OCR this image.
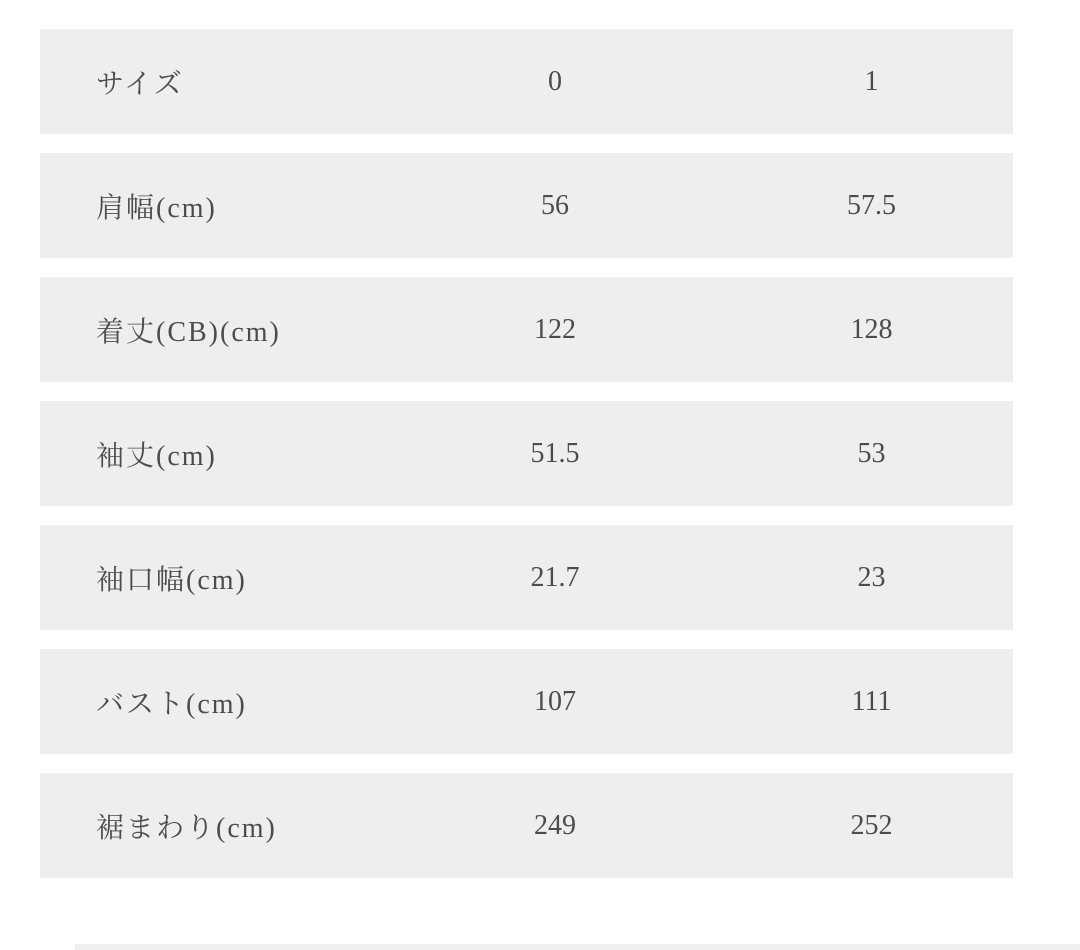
サイズ	0	1
肩幅(cm)	56	57.5
着丈(CB)(cm)	122	128
袖丈(cm)	51.5	53
袖口幅(cm)	21.7	23
バスト(cm)	107	111
裾まわり(cm)	249	252
